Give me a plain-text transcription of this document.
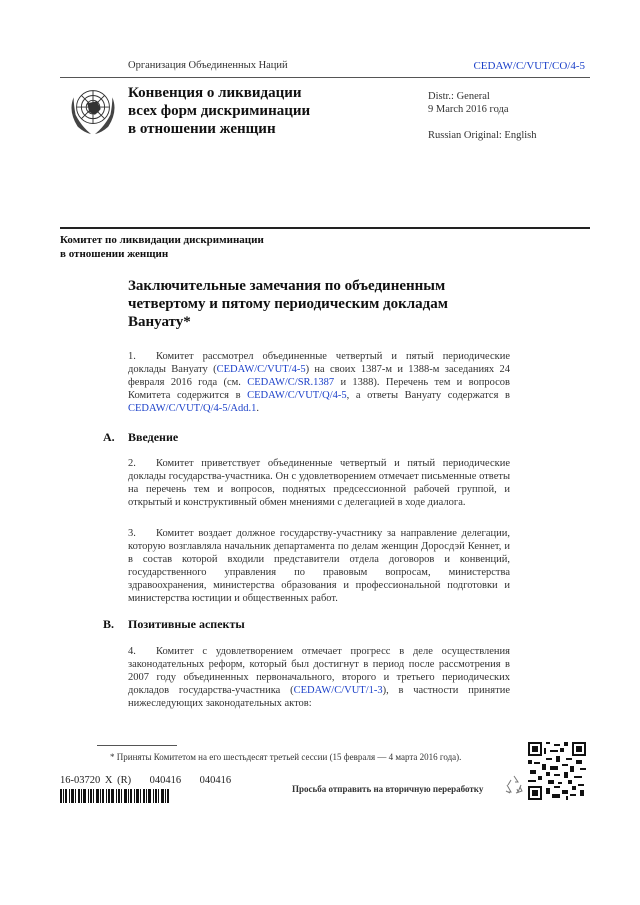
Организация Объединенных Наций	CEDAW/C/VUT/CO/4-5
Конвенция о ликвидации
всех форм дискриминации
в отношении женщин
Distr.: General
9 March 2016 года
Russian Original: English
Комитет по ликвидации дискриминации
в отношении женщин
Заключительные замечания по объединенным
четвертому и пятому периодическим докладам
Вануату*
1. Комитет рассмотрел объединенные четвертый и пятый периодические доклады Вануату (CEDAW/C/VUT/4-5) на своих 1387-м и 1388-м заседаниях 24 февраля 2016 года (см. CEDAW/C/SR.1387 и 1388). Перечень тем и вопросов Комитета содержится в CEDAW/C/VUT/Q/4-5, а ответы Вануату содержатся в CEDAW/C/VUT/Q/4-5/Add.1.
A. Введение
2. Комитет приветствует объединенные четвертый и пятый периодические доклады государства-участника. Он с удовлетворением отмечает письменные ответы на перечень тем и вопросов, поднятых предсессионной рабочей группой, и открытый и конструктивный обмен мнениями с делегацией в ходе диалога.
3. Комитет воздает должное государству-участнику за направление делегации, которую возглавляла начальник департамента по делам женщин Доросдэй Кеннет, и в состав которой входили представители отдела договоров и конвенций, государственного управления по правовым вопросам, министерства здравоохранения, министерства образования и профессиональной подготовки и министерства юстиции и общественных работ.
B. Позитивные аспекты
4. Комитет с удовлетворением отмечает прогресс в деле осуществления законодательных реформ, который был достигнут в период после рассмотрения в 2007 году объединенных первоначального, второго и третьего периодических докладов государства-участника (CEDAW/C/VUT/1-3), в частности принятие нижеследующих законодательных актов:
* Приняты Комитетом на его шестьдесят третьей сессии (15 февраля — 4 марта 2016 года).
16-03720 X (R)    040416    040416
Просьба отправить на вторичную переработку
